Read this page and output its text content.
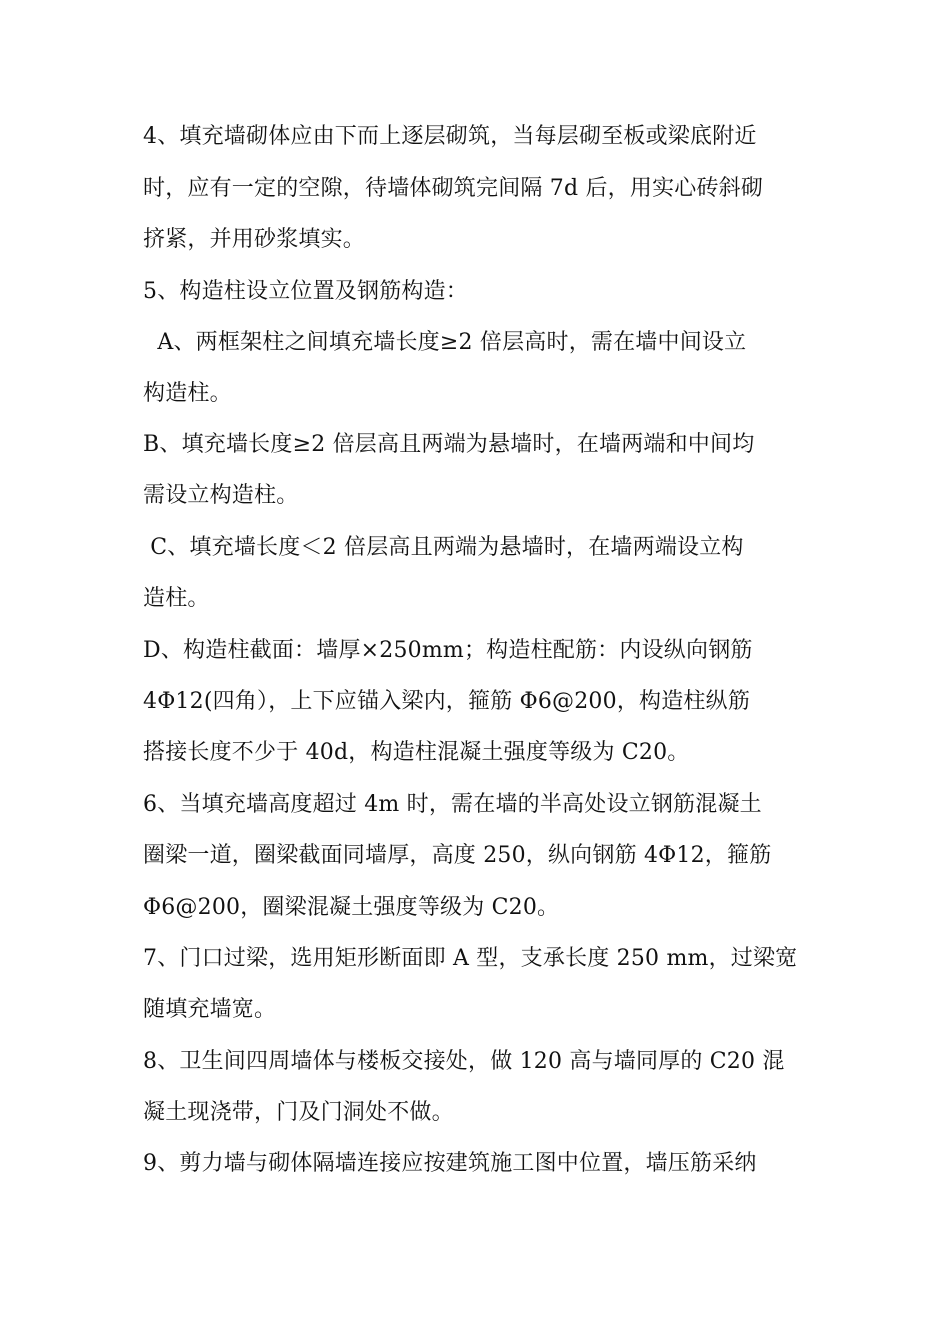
4、填充墙砌体应由下而上逐层砌筑，当每层砌至板或梁底附近
时，应有一定的空隙，待墙体砌筑完间隔 7d 后，用实心砖斜砌
挤紧，并用砂浆填实。
5、构造柱设立位置及钢筋构造：
A、两框架柱之间填充墙长度≥2 倍层高时，需在墙中间设立
构造柱。
B、填充墙长度≥2 倍层高且两端为悬墙时，在墙两端和中间均
需设立构造柱。
C、填充墙长度＜2 倍层高且两端为悬墙时，在墙两端设立构
造柱。
D、构造柱截面：墙厚×250mm；构造柱配筋：内设纵向钢筋
4Φ12(四角），上下应锚入梁内，箍筋 Φ6@200，构造柱纵筋
搭接长度不少于 40d，构造柱混凝土强度等级为 C20。
6、当填充墙高度超过 4m 时，需在墙的半高处设立钢筋混凝土
圈梁一道，圈梁截面同墙厚，高度 250，纵向钢筋 4Φ12，箍筋
Φ6@200，圈梁混凝土强度等级为 C20。
7、门口过梁，选用矩形断面即 A 型，支承长度 250 mm，过梁宽
随填充墙宽。
8、卫生间四周墙体与楼板交接处，做 120 高与墙同厚的 C20 混
凝土现浇带，门及门洞处不做。
9、剪力墙与砌体隔墙连接应按建筑施工图中位置，墙压筋采纳
